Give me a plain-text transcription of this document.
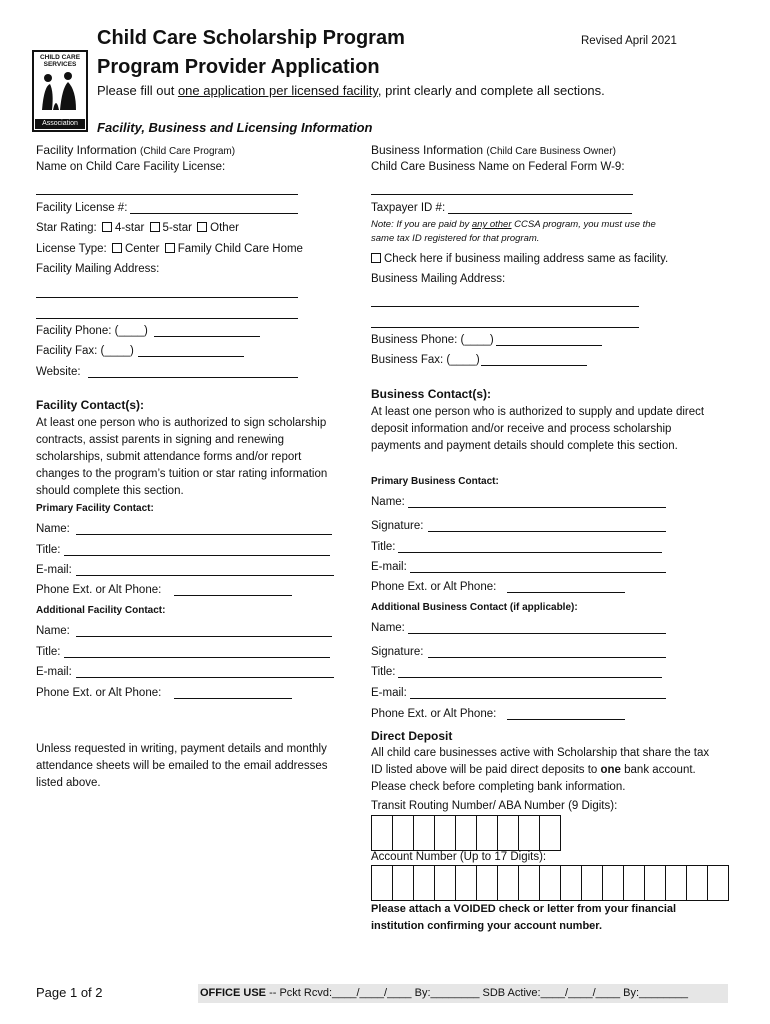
CHILD CARE SERVICES
Association
Child Care Scholarship Program
Program Provider Application
Revised April 2021
Please fill out one application per licensed facility, print clearly and complete all sections.
Facility, Business and Licensing Information
Facility Information (Child Care Program)
Name on Child Care Facility License:
Facility License #:
Star Rating: 4-star 5-star Other
License Type: Center Family Child Care Home
Facility Mailing Address:
Facility Phone: (____)
Facility Fax: (____)
Website:
Facility Contact(s):
At least one person who is authorized to sign scholarship contracts, assist parents in signing and renewing scholarships, submit attendance forms and/or report changes to the program’s tuition or star rating information should complete this section.
Primary Facility Contact:
Name:
Title:
E-mail:
Phone Ext. or Alt Phone:
Additional Facility Contact:
Name:
Title:
E-mail:
Phone Ext. or Alt Phone:
Unless requested in writing, payment details and monthly attendance sheets will be emailed to the email addresses listed above.
Business Information (Child Care Business Owner)
Child Care Business Name on Federal Form W-9:
Taxpayer ID #:
Note: If you are paid by any other CCSA program, you must use the
same tax ID registered for that program.
Check here if business mailing address same as facility.
Business Mailing Address:
Business Phone: (____)
Business Fax: (____)
Business Contact(s):
At least one person who is authorized to supply and update direct deposit information and/or receive and process scholarship payments and payment details should complete this section.
Primary Business Contact:
Name:
Signature:
Title:
E-mail:
Phone Ext. or Alt Phone:
Additional Business Contact (if applicable):
Name:
Signature:
Title:
E-mail:
Phone Ext. or Alt Phone:
Direct Deposit
All child care businesses active with Scholarship that share the tax ID listed above will be paid direct deposits to one bank account. Please check before completing bank information.
Transit Routing Number/ ABA Number (9 Digits):
Account Number (Up to 17 Digits):
Please attach a VOIDED check or letter from your financial institution confirming your account number.
Page 1 of 2	OFFICE USE -- Pckt Rcvd:____/____/____ By:________ SDB Active:____/____/____ By:________
